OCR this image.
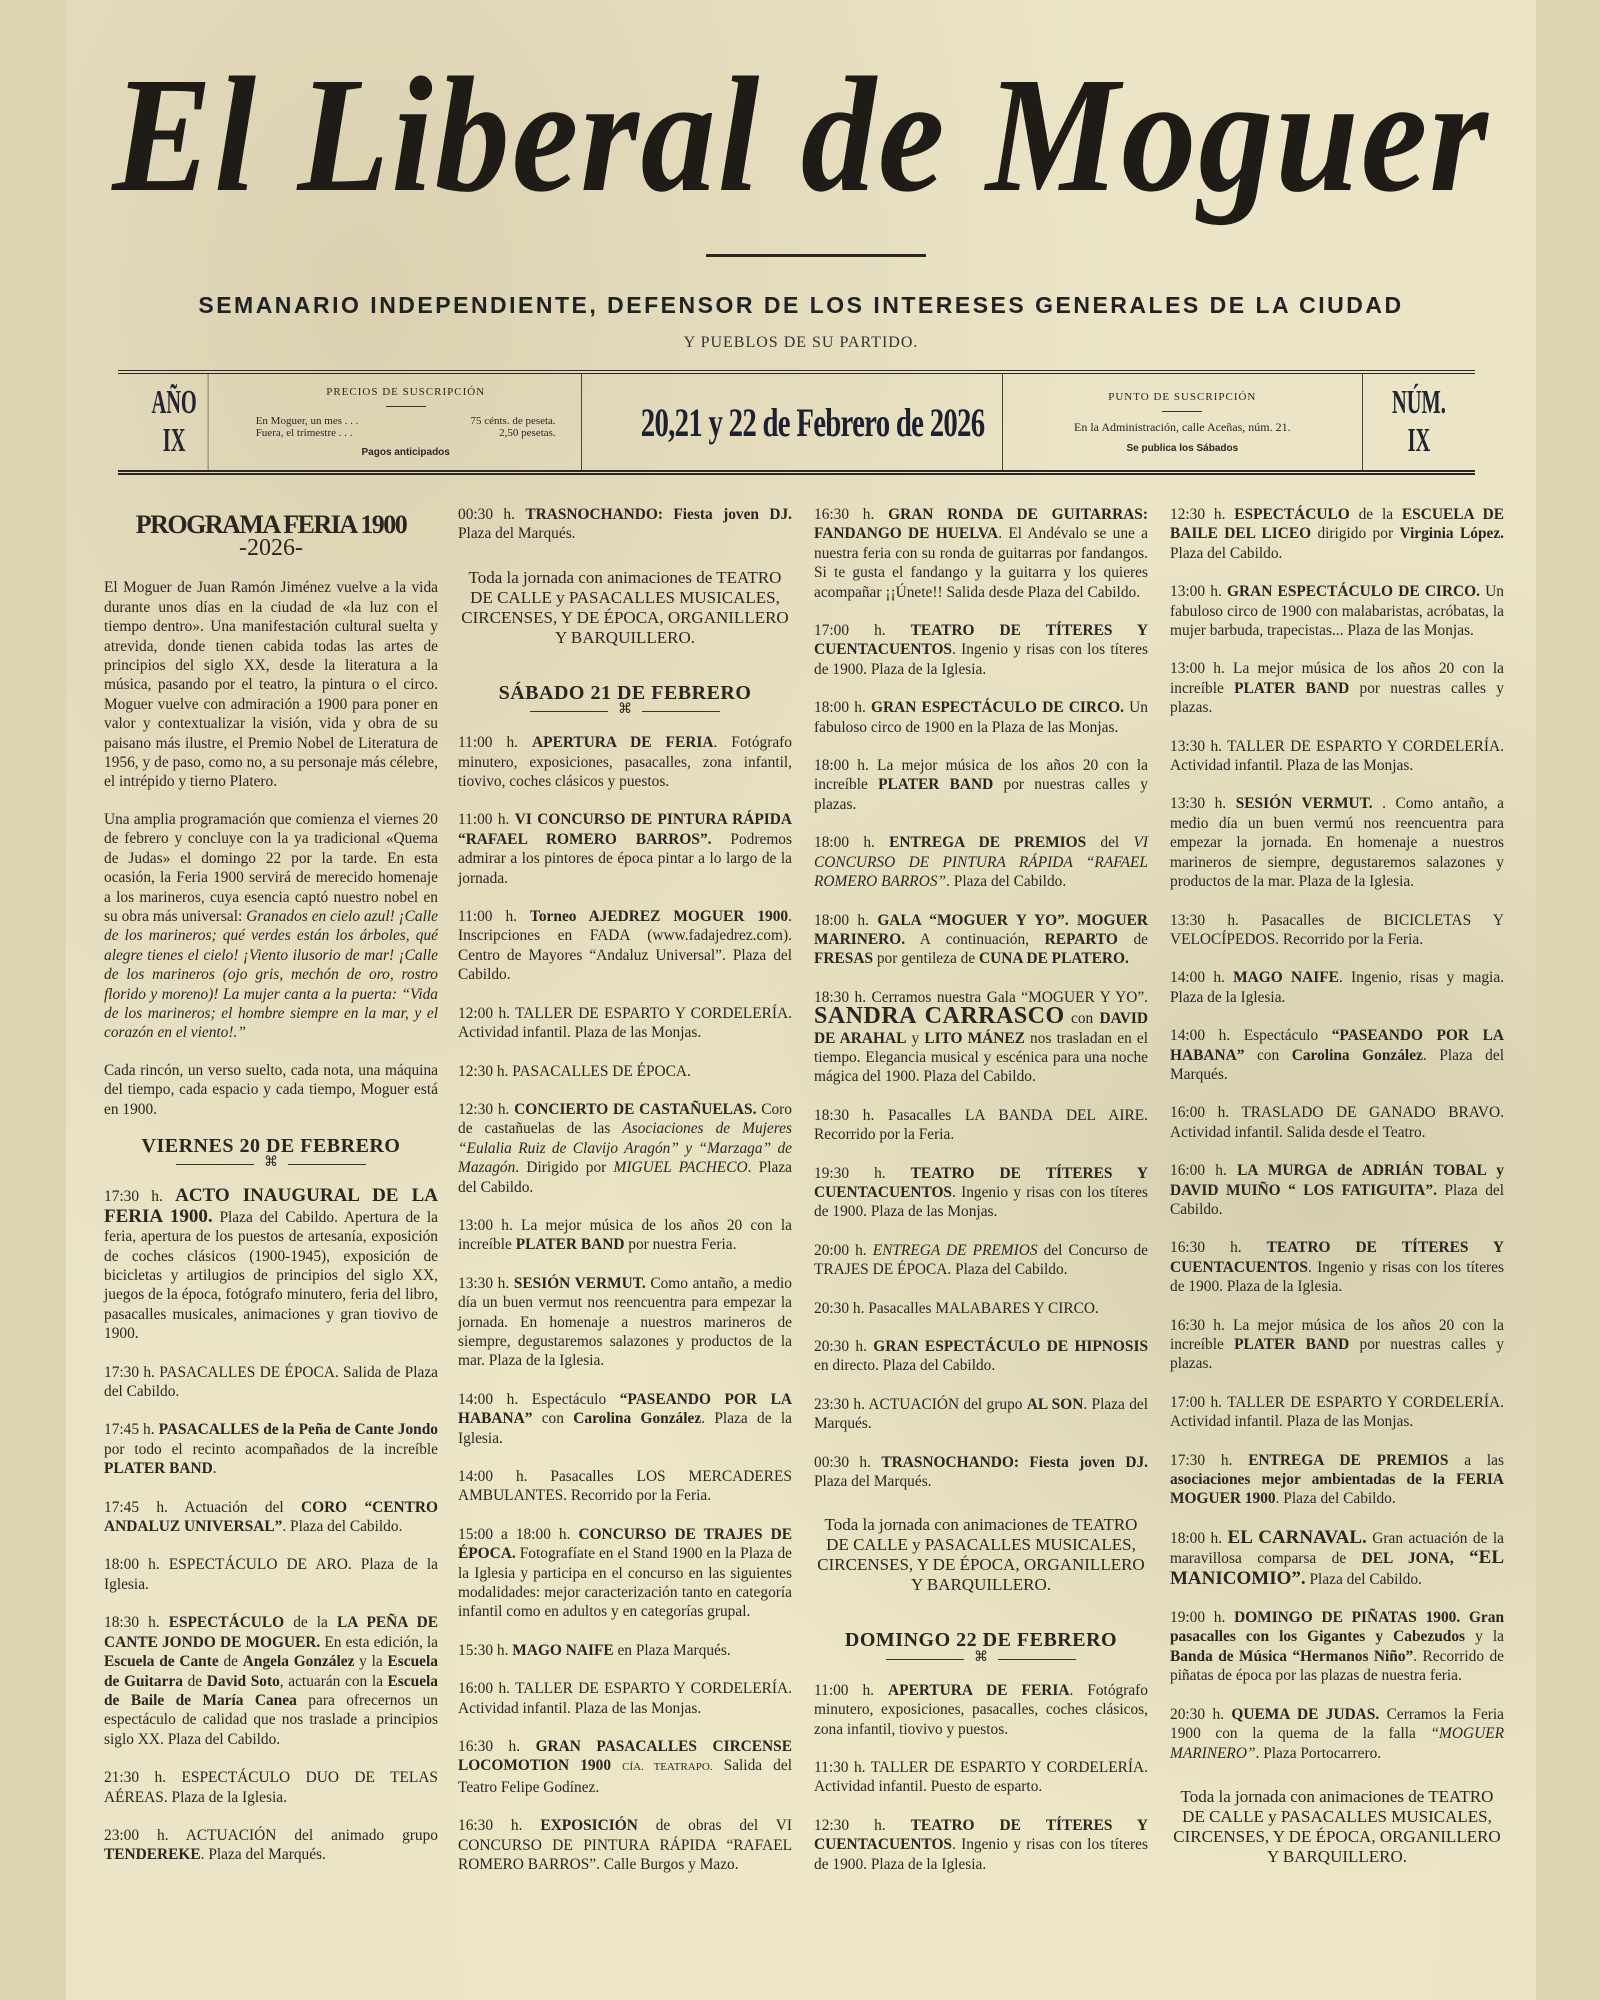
El Liberal de Moguer
SEMANARIO INDEPENDIENTE, DEFENSOR DE LOS INTERESES GENERALES DE LA CIUDAD
Y PUEBLOS DE SU PARTIDO.
AÑO IX
PRECIOS DE SUSCRIPCIÓN
En Moguer, un mes . . .	75 cénts. de peseta.
Fuera, el trimestre . . .	2,50 pesetas.
Pagos anticipados
20,21 y 22 de Febrero de 2026
PUNTO DE SUSCRIPCIÓN
En la Administración, calle Aceñas, núm. 21.
Se publica los Sábados
NÚM. IX
PROGRAMA FERIA 1900
-2026-
El Moguer de Juan Ramón Jiménez vuelve a la vida durante unos días en la ciudad de «la luz con el tiempo dentro». Una manifestación cultural suelta y atrevida, donde tienen cabida todas las artes de principios del siglo XX, desde la literatura a la música, pasando por el teatro, la pintura o el circo. Moguer vuelve con admiración a 1900 para poner en valor y contextualizar la visión, vida y obra de su paisano más ilustre, el Premio Nobel de Literatura de 1956, y de paso, como no, a su personaje más célebre, el intrépido y tierno Platero.
Una amplia programación que comienza el viernes 20 de febrero y concluye con la ya tradicional «Quema de Judas» el domingo 22 por la tarde. En esta ocasión, la Feria 1900 servirá de merecido homenaje a los marineros, cuya esencia captó nuestro nobel en su obra más universal: Granados en cielo azul! ¡Calle de los marineros; qué verdes están los árboles, qué alegre tienes el cielo! ¡Viento ilusorio de mar! ¡Calle de los marineros (ojo gris, mechón de oro, rostro florido y moreno)! La mujer canta a la puerta: “Vida de los marineros; el hombre siempre en la mar, y el corazón en el viento!.”
Cada rincón, un verso suelto, cada nota, una máquina del tiempo, cada espacio y cada tiempo, Moguer está en 1900.
VIERNES 20 DE FEBRERO
⌘
17:30 h. ACTO INAUGURAL DE LA FERIA 1900. Plaza del Cabildo. Apertura de la feria, apertura de los puestos de artesanía, exposición de coches clásicos (1900-1945), exposición de bicicletas y artilugios de principios del siglo XX, juegos de la época, fotógrafo minutero, feria del libro, pasacalles musicales, animaciones y gran tiovivo de 1900.
17:30 h. PASACALLES DE ÉPOCA. Salida de Plaza del Cabildo.
17:45 h. PASACALLES de la Peña de Cante Jondo por todo el recinto acompañados de la increíble PLATER BAND.
17:45 h. Actuación del CORO “CENTRO ANDALUZ UNIVERSAL”. Plaza del Cabildo.
18:00 h. ESPECTÁCULO DE ARO. Plaza de la Iglesia.
18:30 h. ESPECTÁCULO de la LA PEÑA DE CANTE JONDO DE MOGUER. En esta edición, la Escuela de Cante de Angela González y la Escuela de Guitarra de David Soto, actuarán con la Escuela de Baile de María Canea para ofrecernos un espectáculo de calidad que nos traslade a principios siglo XX. Plaza del Cabildo.
21:30 h. ESPECTÁCULO DUO DE TELAS AÉREAS. Plaza de la Iglesia.
23:00 h. ACTUACIÓN del animado grupo TENDEREKE. Plaza del Marqués.
00:30 h. TRASNOCHANDO: Fiesta joven DJ. Plaza del Marqués.
Toda la jornada con animaciones de TEATRO DE CALLE y PASACALLES MUSICALES, CIRCENSES, Y DE ÉPOCA, ORGANILLERO Y BARQUILLERO.
SÁBADO 21 DE FEBRERO
⌘
11:00 h. APERTURA DE FERIA. Fotógrafo minutero, exposiciones, pasacalles, zona infantil, tiovivo, coches clásicos y puestos.
11:00 h. VI CONCURSO DE PINTURA RÁPIDA “RAFAEL ROMERO BARROS”. Podremos admirar a los pintores de época pintar a lo largo de la jornada.
11:00 h. Torneo AJEDREZ MOGUER 1900. Inscripciones en FADA (www.fadajedrez.com). Centro de Mayores “Andaluz Universal”. Plaza del Cabildo.
12:00 h. TALLER DE ESPARTO Y CORDELERÍA. Actividad infantil. Plaza de las Monjas.
12:30 h. PASACALLES DE ÉPOCA.
12:30 h. CONCIERTO DE CASTAÑUELAS. Coro de castañuelas de las Asociaciones de Mujeres “Eulalia Ruiz de Clavijo Aragón” y “Marzaga” de Mazagón. Dirigido por MIGUEL PACHECO. Plaza del Cabildo.
13:00 h. La mejor música de los años 20 con la increíble PLATER BAND por nuestra Feria.
13:30 h. SESIÓN VERMUT. Como antaño, a medio día un buen vermut nos reencuentra para empezar la jornada. En homenaje a nuestros marineros de siempre, degustaremos salazones y productos de la mar. Plaza de la Iglesia.
14:00 h. Espectáculo “PASEANDO POR LA HABANA” con Carolina González. Plaza de la Iglesia.
14:00 h. Pasacalles LOS MERCADERES AMBULANTES. Recorrido por la Feria.
15:00 a 18:00 h. CONCURSO DE TRAJES DE ÉPOCA. Fotografíate en el Stand 1900 en la Plaza de la Iglesia y participa en el concurso en las siguientes modalidades: mejor caracterización tanto en categoría infantil como en adultos y en categorías grupal.
15:30 h. MAGO NAIFE en Plaza Marqués.
16:00 h. TALLER DE ESPARTO Y CORDELERÍA. Actividad infantil. Plaza de las Monjas.
16:30 h. GRAN PASACALLES CIRCENSE LOCOMOTION 1900 CÍA. TEATRAPO. Salida del Teatro Felipe Godínez.
16:30 h. EXPOSICIÓN de obras del VI CONCURSO DE PINTURA RÁPIDA “RAFAEL ROMERO BARROS”. Calle Burgos y Mazo.
16:30 h. GRAN RONDA DE GUITARRAS: FANDANGO DE HUELVA. El Andévalo se une a nuestra feria con su ronda de guitarras por fandangos. Si te gusta el fandango y la guitarra y los quieres acompañar ¡¡Únete!! Salida desde Plaza del Cabildo.
17:00 h. TEATRO DE TÍTERES Y CUENTACUENTOS. Ingenio y risas con los títeres de 1900. Plaza de la Iglesia.
18:00 h. GRAN ESPECTÁCULO DE CIRCO. Un fabuloso circo de 1900 en la Plaza de las Monjas.
18:00 h. La mejor música de los años 20 con la increíble PLATER BAND por nuestras calles y plazas.
18:00 h. ENTREGA DE PREMIOS del VI CONCURSO DE PINTURA RÁPIDA “RAFAEL ROMERO BARROS”. Plaza del Cabildo.
18:00 h. GALA “MOGUER Y YO”. MOGUER MARINERO. A continuación, REPARTO de FRESAS por gentileza de CUNA DE PLATERO.
18:30 h. Cerramos nuestra Gala “MOGUER Y YO”. SANDRA CARRASCO con DAVID DE ARAHAL y LITO MÁNEZ nos trasladan en el tiempo. Elegancia musical y escénica para una noche mágica del 1900. Plaza del Cabildo.
18:30 h. Pasacalles LA BANDA DEL AIRE. Recorrido por la Feria.
19:30 h. TEATRO DE TÍTERES Y CUENTACUENTOS. Ingenio y risas con los títeres de 1900. Plaza de las Monjas.
20:00 h. ENTREGA DE PREMIOS del Concurso de TRAJES DE ÉPOCA. Plaza del Cabildo.
20:30 h. Pasacalles MALABARES Y CIRCO.
20:30 h. GRAN ESPECTÁCULO DE HIPNOSIS en directo. Plaza del Cabildo.
23:30 h. ACTUACIÓN del grupo AL SON. Plaza del Marqués.
00:30 h. TRASNOCHANDO: Fiesta joven DJ. Plaza del Marqués.
Toda la jornada con animaciones de TEATRO DE CALLE y PASACALLES MUSICALES, CIRCENSES, Y DE ÉPOCA, ORGANILLERO Y BARQUILLERO.
DOMINGO 22 DE FEBRERO
⌘
11:00 h. APERTURA DE FERIA. Fotógrafo minutero, exposiciones, pasacalles, coches clásicos, zona infantil, tiovivo y puestos.
11:30 h. TALLER DE ESPARTO Y CORDELERÍA. Actividad infantil. Puesto de esparto.
12:30 h. TEATRO DE TÍTERES Y CUENTACUENTOS. Ingenio y risas con los títeres de 1900. Plaza de la Iglesia.
12:30 h. ESPECTÁCULO de la ESCUELA DE BAILE DEL LICEO dirigido por Virginia López. Plaza del Cabildo.
13:00 h. GRAN ESPECTÁCULO DE CIRCO. Un fabuloso circo de 1900 con malabaristas, acróbatas, la mujer barbuda, trapecistas... Plaza de las Monjas.
13:00 h. La mejor música de los años 20 con la increíble PLATER BAND por nuestras calles y plazas.
13:30 h. TALLER DE ESPARTO Y CORDELERÍA. Actividad infantil. Plaza de las Monjas.
13:30 h. SESIÓN VERMUT. . Como antaño, a medio día un buen vermú nos reencuentra para empezar la jornada. En homenaje a nuestros marineros de siempre, degustaremos salazones y productos de la mar. Plaza de la Iglesia.
13:30 h. Pasacalles de BICICLETAS Y VELOCÍPEDOS. Recorrido por la Feria.
14:00 h. MAGO NAIFE. Ingenio, risas y magia. Plaza de la Iglesia.
14:00 h. Espectáculo “PASEANDO POR LA HABANA” con Carolina González. Plaza del Marqués.
16:00 h. TRASLADO DE GANADO BRAVO. Actividad infantil. Salida desde el Teatro.
16:00 h. LA MURGA de ADRIÁN TOBAL y DAVID MUIÑO “ LOS FATIGUITA”. Plaza del Cabildo.
16:30 h. TEATRO DE TÍTERES Y CUENTACUENTOS. Ingenio y risas con los títeres de 1900. Plaza de la Iglesia.
16:30 h. La mejor música de los años 20 con la increíble PLATER BAND por nuestras calles y plazas.
17:00 h. TALLER DE ESPARTO Y CORDELERÍA. Actividad infantil. Plaza de las Monjas.
17:30 h. ENTREGA DE PREMIOS a las asociaciones mejor ambientadas de la FERIA MOGUER 1900. Plaza del Cabildo.
18:00 h. EL CARNAVAL. Gran actuación de la maravillosa comparsa de DEL JONA, “EL MANICOMIO”. Plaza del Cabildo.
19:00 h. DOMINGO DE PIÑATAS 1900. Gran pasacalles con los Gigantes y Cabezudos y la Banda de Música “Hermanos Niño”. Recorrido de piñatas de época por las plazas de nuestra feria.
20:30 h. QUEMA DE JUDAS. Cerramos la Feria 1900 con la quema de la falla “MOGUER MARINERO”. Plaza Portocarrero.
Toda la jornada con animaciones de TEATRO DE CALLE y PASACALLES MUSICALES, CIRCENSES, Y DE ÉPOCA, ORGANILLERO Y BARQUILLERO.
